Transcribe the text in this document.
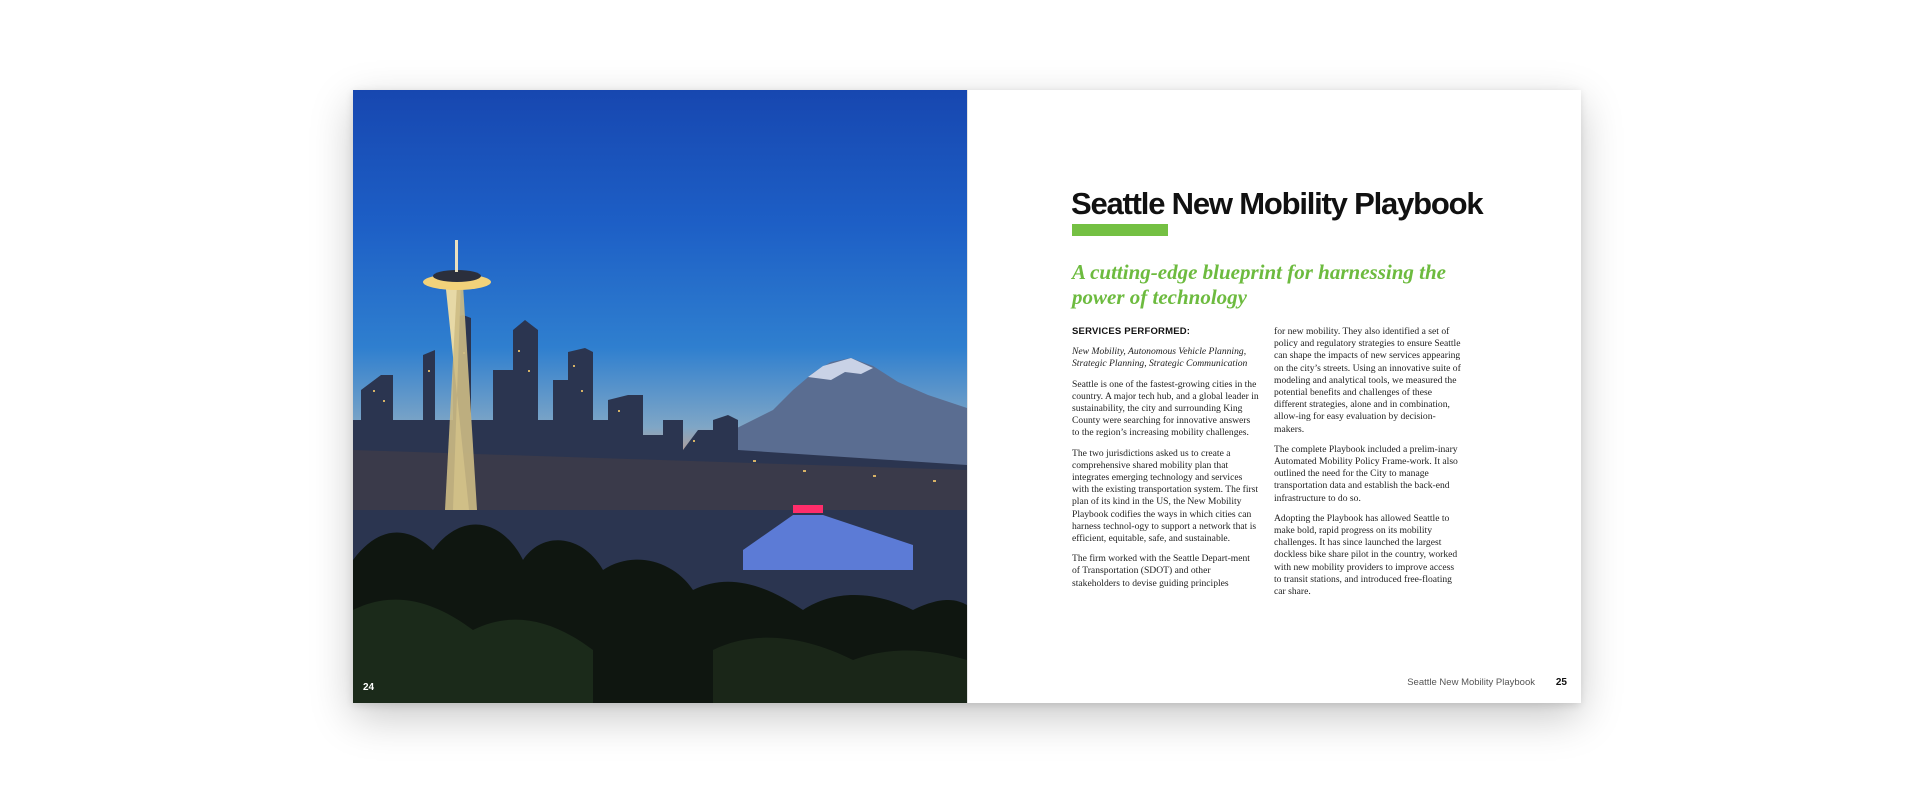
24
Seattle New Mobility Playbook
A cutting-edge blueprint for harnessing the power of technology

SERVICES PERFORMED:

New Mobility, Autonomous Vehicle Planning, Strategic Planning, Strategic Communication

Seattle is one of the fastest-growing cities in the country. A major tech hub, and a global leader in sustainability, the city and surrounding King County were searching for innovative answers to the region’s increasing mobility challenges.

The two jurisdictions asked us to create a comprehensive shared mobility plan that integrates emerging technology and services with the existing transportation system. The first plan of its kind in the US, the New Mobility Playbook codifies the ways in which cities can harness technol-ogy to support a network that is efficient, equitable, safe, and sustainable.

The firm worked with the Seattle Depart-ment of Transportation (SDOT) and other stakeholders to devise guiding principles

for new mobility. They also identified a set of policy and regulatory strategies to ensure Seattle can shape the impacts of new services appearing on the city’s streets. Using an innovative suite of modeling and analytical tools, we measured the potential benefits and challenges of these different strategies, alone and in combination, allow-ing for easy evaluation by decision-makers.

The complete Playbook included a prelim-inary Automated Mobility Policy Frame-work. It also outlined the need for the City to manage transportation data and establish the back-end infrastructure to do so.

Adopting the Playbook has allowed Seattle to make bold, rapid progress on its mobility challenges. It has since launched the largest dockless bike share pilot in the country, worked with new mobility providers to improve access to transit stations, and introduced free-floating car share.

Seattle New Mobility Playbook 25
